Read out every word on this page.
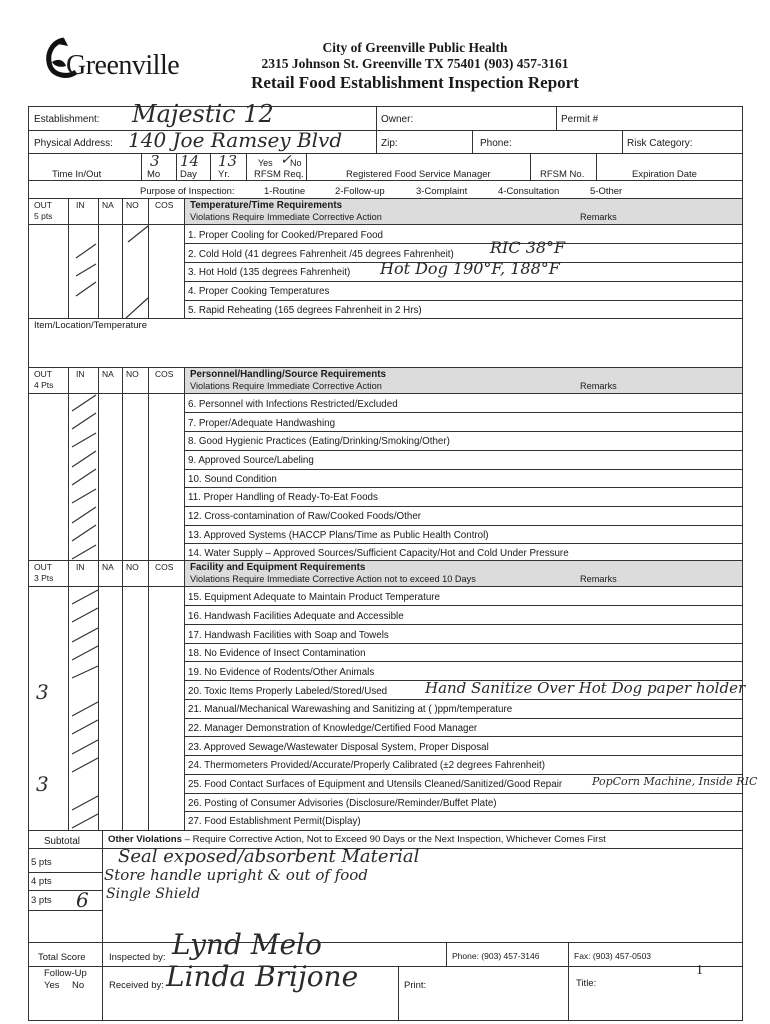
Greenville
City of Greenville Public Health
2315 Johnson St. Greenville TX 75401 (903) 457-3161
Retail Food Establishment Inspection Report
Establishment: Majestic 12	Owner:	Permit #
Physical Address: 140 Joe Ramsey Blvd	Zip:	Phone:	Risk Category:
3 14 13 Yes No
✓
Time In/Out	Mo Day Yr.	RFSM Req.	Registered Food Service Manager	RFSM No.	Expiration Date
Purpose of Inspection:	1-Routine	2-Follow-up	3-Complaint	4-Consultation	5-Other
OUT
5 pts
IN NA NO COS Temperature/Time Requirements
Violations Require Immediate Corrective Action	Remarks
1. Proper Cooling for Cooked/Prepared Food
2. Cold Hold (41 degrees Fahrenheit /45 degrees Fahrenheit)
3. Hot Hold (135 degrees Fahrenheit)
4. Proper Cooking Temperatures
5. Rapid Reheating (165 degrees Fahrenheit in 2 Hrs)
RIC 38°F
Hot Dog 190°F, 188°F
Item/Location/Temperature
OUT
4 Pts
IN NA NO COS Personnel/Handling/Source Requirements
Violations Require Immediate Corrective Action	Remarks
6. Personnel with Infections Restricted/Excluded
7. Proper/Adequate Handwashing
8. Good Hygienic Practices (Eating/Drinking/Smoking/Other)
9. Approved Source/Labeling
10. Sound Condition
11. Proper Handling of Ready-To-Eat Foods
12. Cross-contamination of Raw/Cooked Foods/Other
13. Approved Systems (HACCP Plans/Time as Public Health Control)
14. Water Supply – Approved Sources/Sufficient Capacity/Hot and Cold Under Pressure
OUT
3 Pts
IN NA NO COS Facility and Equipment Requirements
Violations Require Immediate Corrective Action not to exceed 10 Days	Remarks
15. Equipment Adequate to Maintain Product Temperature
16. Handwash Facilities Adequate and Accessible
17. Handwash Facilities with Soap and Towels
18. No Evidence of Insect Contamination
19. No Evidence of Rodents/Other Animals
20. Toxic Items Properly Labeled/Stored/Used
21. Manual/Mechanical Warewashing and Sanitizing at ( )ppm/temperature
22. Manager Demonstration of Knowledge/Certified Food Manager
23. Approved Sewage/Wastewater Disposal System, Proper Disposal
24. Thermometers Provided/Accurate/Properly Calibrated (±2 degrees Fahrenheit)
25. Food Contact Surfaces of Equipment and Utensils Cleaned/Sanitized/Good Repair
26. Posting of Consumer Advisories (Disclosure/Reminder/Buffet Plate)
27. Food Establishment Permit(Display)
3	Hand Sanitize Over Hot Dog paper holder
3	PopCorn Machine, Inside RIC
Subtotal	Other Violations – Require Corrective Action, Not to Exceed 90 Days or the Next Inspection, Whichever Comes First
5 pts
4 pts
3 pts 6
Seal exposed/absorbent Material
Store handle upright & out of food
Single Shield
Total Score Inspected by: Lynd Melo	Phone: (903) 457-3146	Fax: (903) 457-0503
Follow-Up
Yes No	Received by: Linda Brijone	Print:	Title:
1
